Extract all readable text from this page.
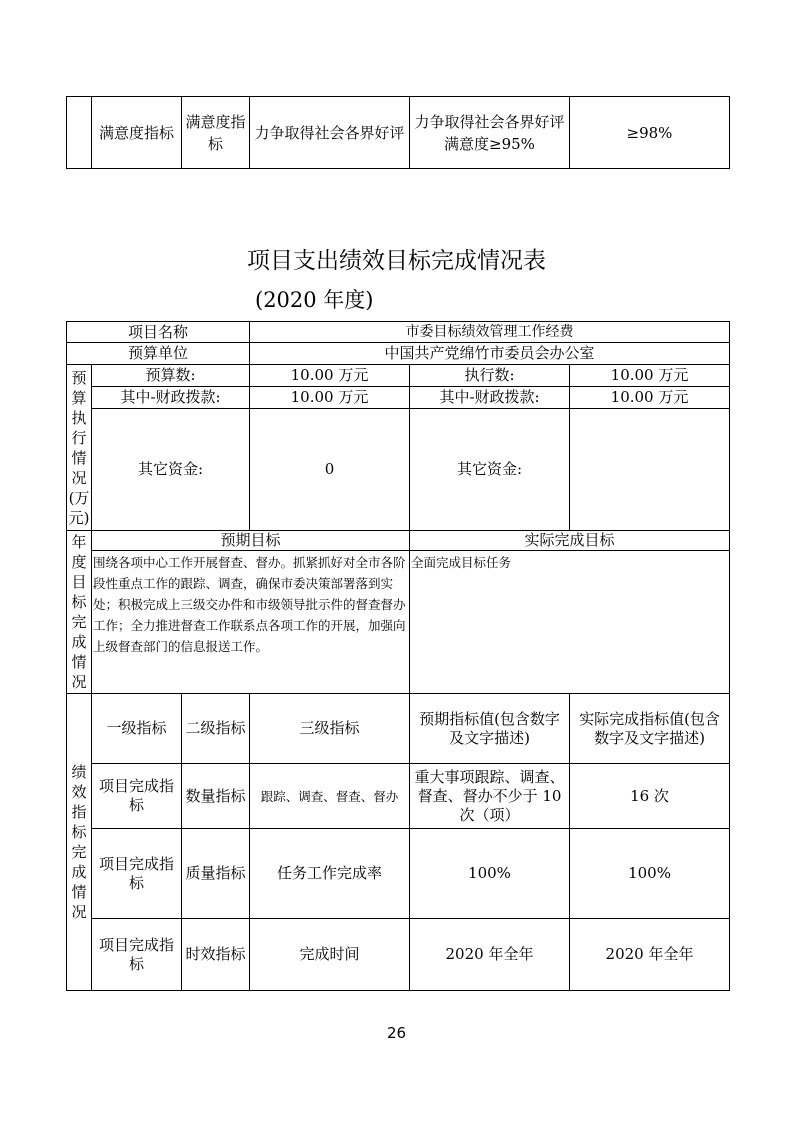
	满意度指标	满意度指标	力争取得社会各界好评	力争取得社会各界好评　满意度≥95%	≥98%
项目支出绩效目标完成情况表
(2020 年度)
项目名称			市委目标绩效管理工作经费		
预算单位			中国共产党绵竹市委员会办公室		
预算执行情况(万元)	预算数:		10.00 万元	执行数:	10.00 万元
	其中-财政拨款:		10.00 万元	其中-财政拨款:	10.00 万元
	其它资金:		0	其它资金:	
年度目标完成情况	预期目标			实际完成目标	
	围绕各项中心工作开展督查、督办。抓紧抓好对全市各阶段性重点工作的跟踪、调查，确保市委决策部署落到实处；积极完成上三级交办件和市级领导批示件的督查督办工作；全力推进督查工作联系点各项工作的开展，加强向上级督查部门的信息报送工作。			全面完成目标任务	
绩效指标完成情况	一级指标	二级指标	三级指标	预期指标值(包含数字及文字描述)	实际完成指标值(包含数字及文字描述)
	项目完成指标	数量指标	跟踪、调查、督查、督办	重大事项跟踪、调查、督查、督办不少于 10 次（项）	16 次
	项目完成指标	质量指标	任务工作完成率	100%	100%
	项目完成指标	时效指标	完成时间	2020 年全年	2020 年全年
26
